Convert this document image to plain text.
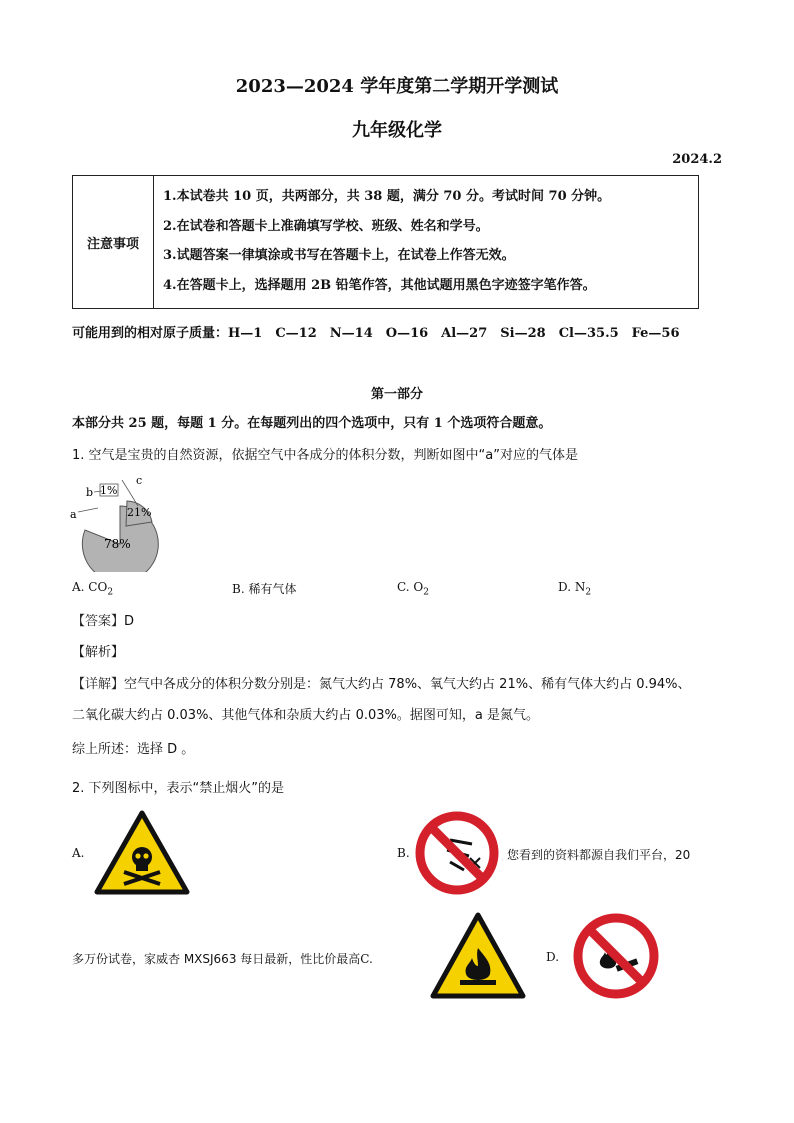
2023—2024 学年度第二学期开学测试
九年级化学
2024.2
注意事项
1.本试卷共 10 页，共两部分，共 38 题，满分 70 分。考试时间 70 分钟。
2.在试卷和答题卡上准确填写学校、班级、姓名和学号。
3.试题答案一律填涂或书写在答题卡上，在试卷上作答无效。
4.在答题卡上，选择题用 2B 铅笔作答，其他试题用黑色字迹签字笔作答。
可能用到的相对原子质量：H—1　C—12　N—14　O—16　Al—27　Si—28　Cl—35.5　Fe—56
第一部分
本部分共 25 题，每题 1 分。在每题列出的四个选项中，只有 1 个选项符合题意。
1. 空气是宝贵的自然资源，依据空气中各成分的体积分数，判断如图中“a”对应的气体是
b 1%
c
21%
a
78%
A. $CO_2$	B. 稀有气体	C. $O_2$	D. $N_2$
【答案】D
【解析】
【详解】空气中各成分的体积分数分别是：氮气大约占 78%、氧气大约占 21%、稀有气体大约占 0.94%、
二氧化碳大约占 0.03%、其他气体和杂质大约占 0.03%。据图可知，a 是氮气。
综上所述：选择 D 。
2. 下列图标中，表示“禁止烟火”的是
A.	B.	您看到的资料都源自我们平台，20
多万份试卷，家威杏 MXSJ663 每日最新，性比价最高C.	D.
